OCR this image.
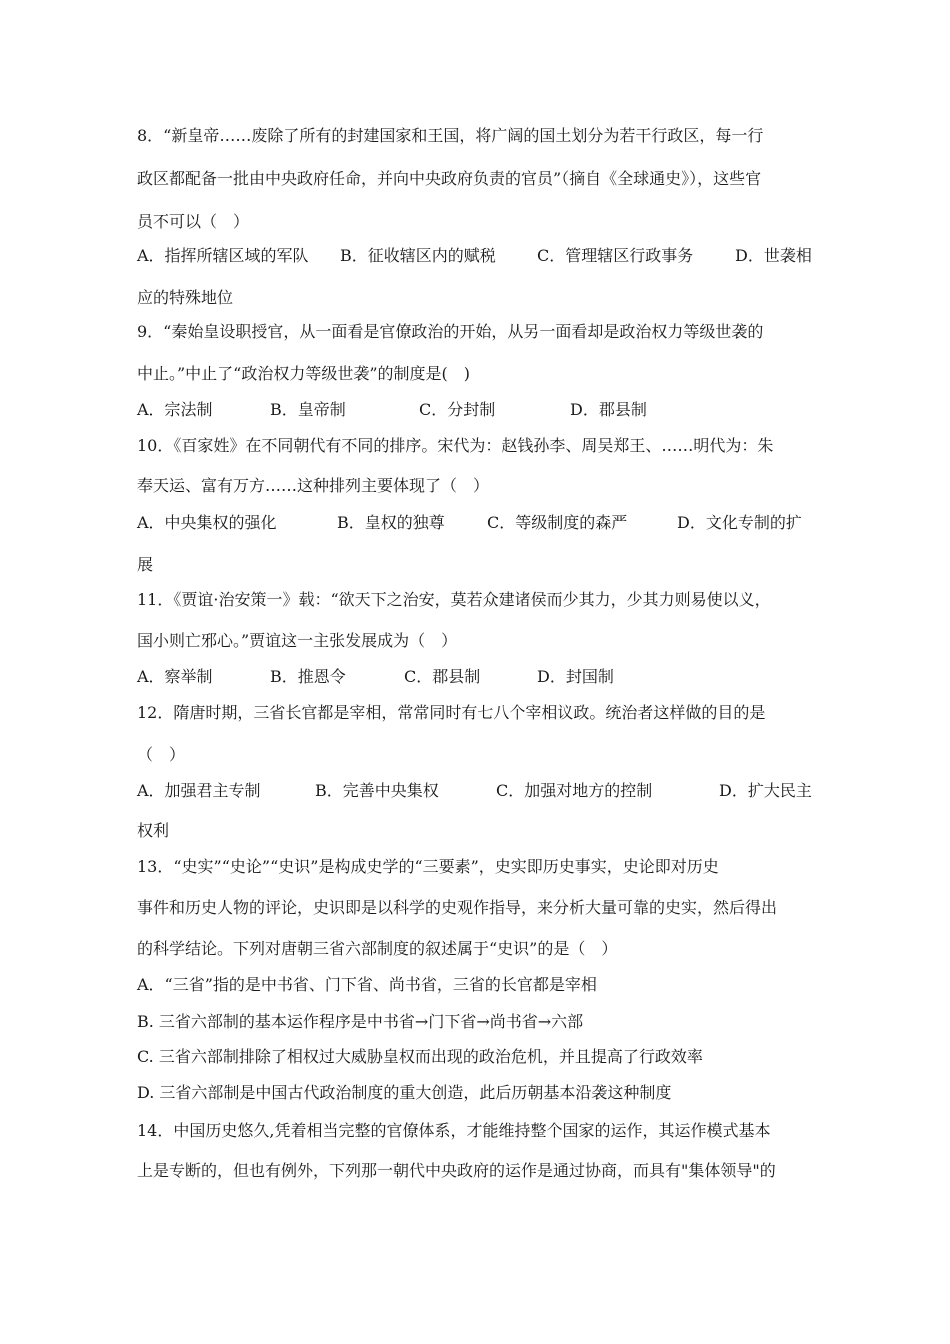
8．“新皇帝……废除了所有的封建国家和王国，将广阔的国土划分为若干行政区，每一行
政区都配备一批由中央政府任命，并向中央政府负责的官员”（摘自《全球通史》），这些官
员不可以（　）
A．指挥所辖区域的军队 B．征收辖区内的赋税	C．管理辖区行政事务	D．世袭相
应的特殊地位
9．“秦始皇设职授官，从一面看是官僚政治的开始，从另一面看却是政治权力等级世袭的
中止。”中止了“政治权力等级世袭”的制度是(　)
A．宗法制	B．皇帝制	C．分封制	D．郡县制
10．《百家姓》在不同朝代有不同的排序。宋代为：赵钱孙李、周吴郑王、……明代为：朱
奉天运、富有万方……这种排列主要体现了（　）
A．中央集权的强化	B．皇权的独尊	C．等级制度的森严	D．文化专制的扩
展
11．《贾谊·治安策一》载：“欲天下之治安，莫若众建诸侯而少其力，少其力则易使以义，
国小则亡邪心。”贾谊这一主张发展成为（　）
A．察举制	B．推恩令	C．郡县制	D．封国制
12．隋唐时期，三省长官都是宰相，常常同时有七八个宰相议政。统治者这样做的目的是
（　）
A．加强君主专制	B．完善中央集权	C．加强对地方的控制	D．扩大民主
权利
13．“史实”“史论”“史识”是构成史学的“三要素”，史实即历史事实，史论即对历史
事件和历史人物的评论，史识即是以科学的史观作指导，来分析大量可靠的史实，然后得出
的科学结论。下列对唐朝三省六部制度的叙述属于“史识”的是（　）
A．“三省”指的是中书省、门下省、尚书省，三省的长官都是宰相
B. 三省六部制的基本运作程序是中书省→门下省→尚书省→六部
C. 三省六部制排除了相权过大威胁皇权而出现的政治危机，并且提高了行政效率
D. 三省六部制是中国古代政治制度的重大创造，此后历朝基本沿袭这种制度
14．中国历史悠久,凭着相当完整的官僚体系，才能维持整个国家的运作，其运作模式基本
上是专断的，但也有例外，下列那一朝代中央政府的运作是通过协商，而具有"集体领导"的
